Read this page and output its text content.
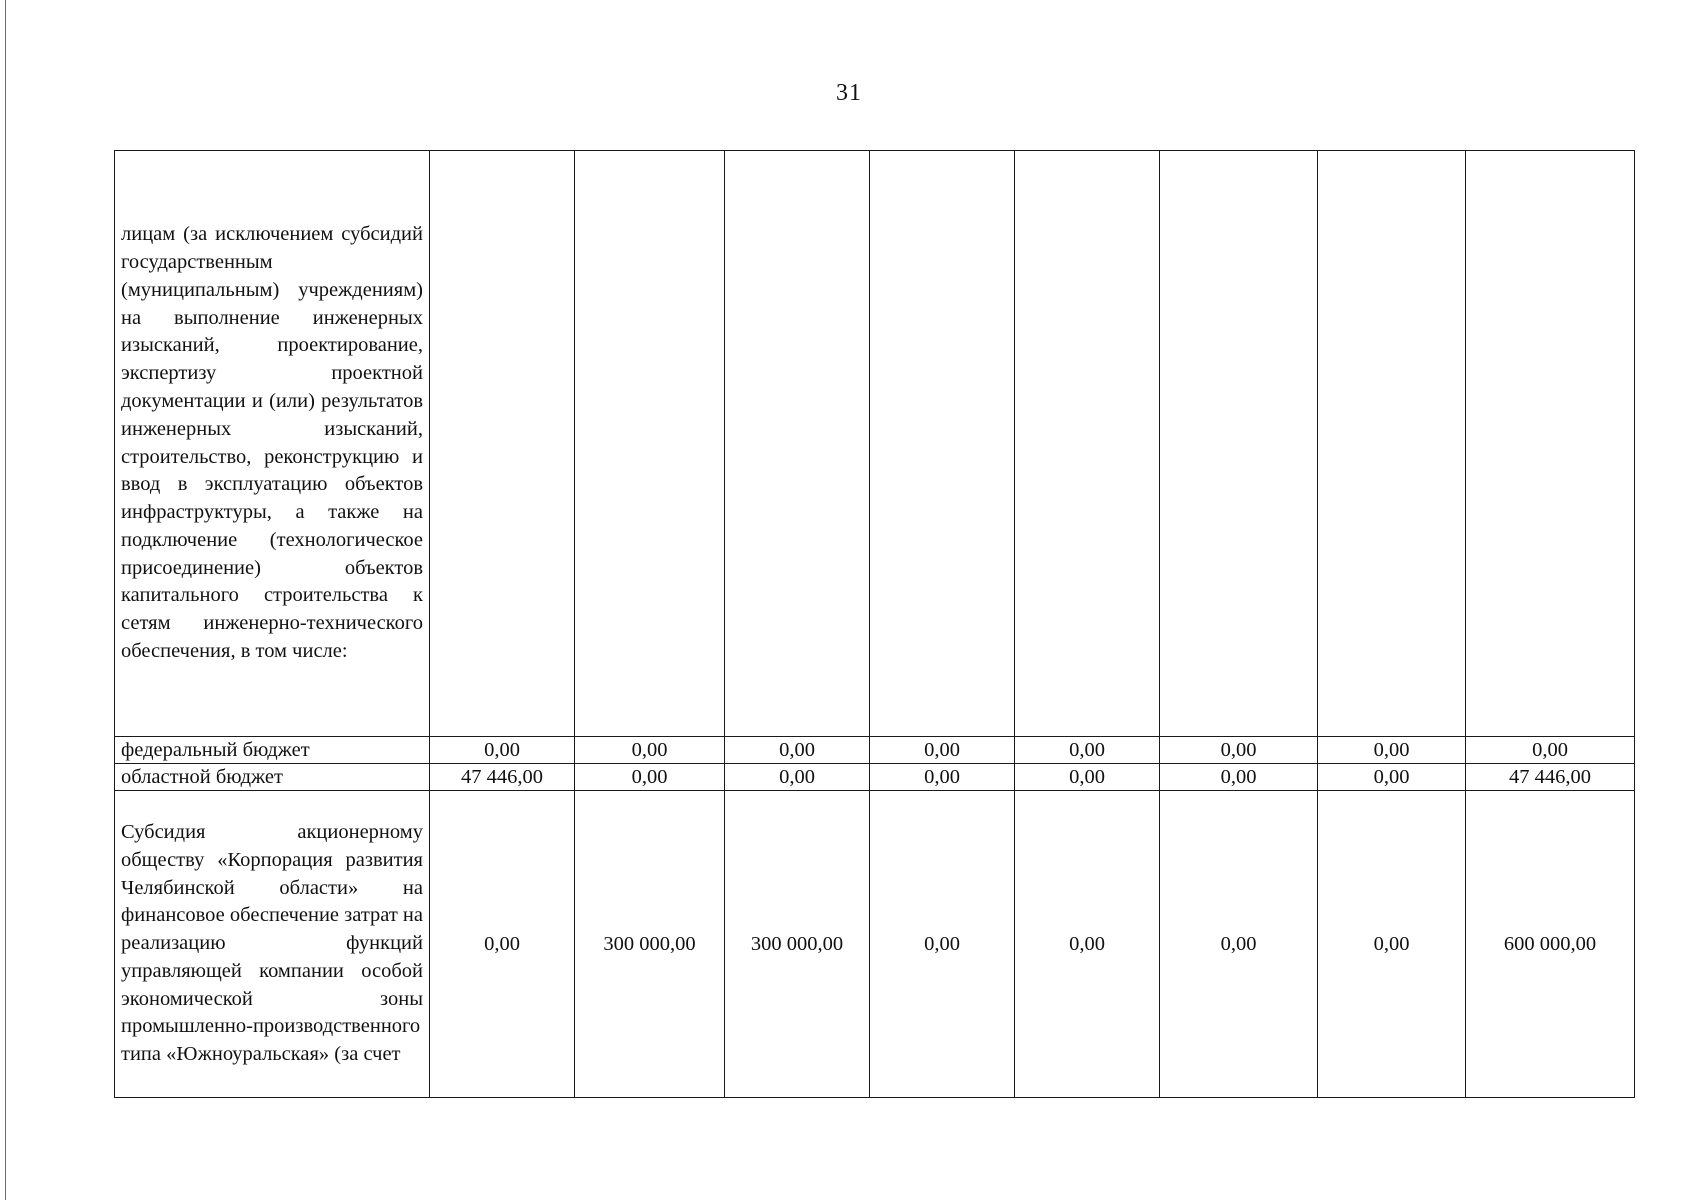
31
лицам (за исключением субсидий государственным (муниципальным) учреждениям) на выполнение инженерных изысканий, проектирование, экспертизу проектной документации и (или) результатов инженерных изысканий, строительство, реконструкцию и ввод в эксплуатацию объектов инфраструктуры, а также на подключение (технологическое присоединение) объектов капитального строительства к сетям инженерно-технического обеспечения, в том числе:								
федеральный бюджет	0,00	0,00	0,00	0,00	0,00	0,00	0,00	0,00
областной бюджет	47 446,00	0,00	0,00	0,00	0,00	0,00	0,00	47 446,00
Субсидия акционерному обществу «Корпорация развития Челябинской области» на финансовое обеспечение затрат на реализацию функций управляющей компании особой экономической зоны промышленно-производственного типа «Южноуральская» (за счет	0,00	300 000,00	300 000,00	0,00	0,00	0,00	0,00	600 000,00
